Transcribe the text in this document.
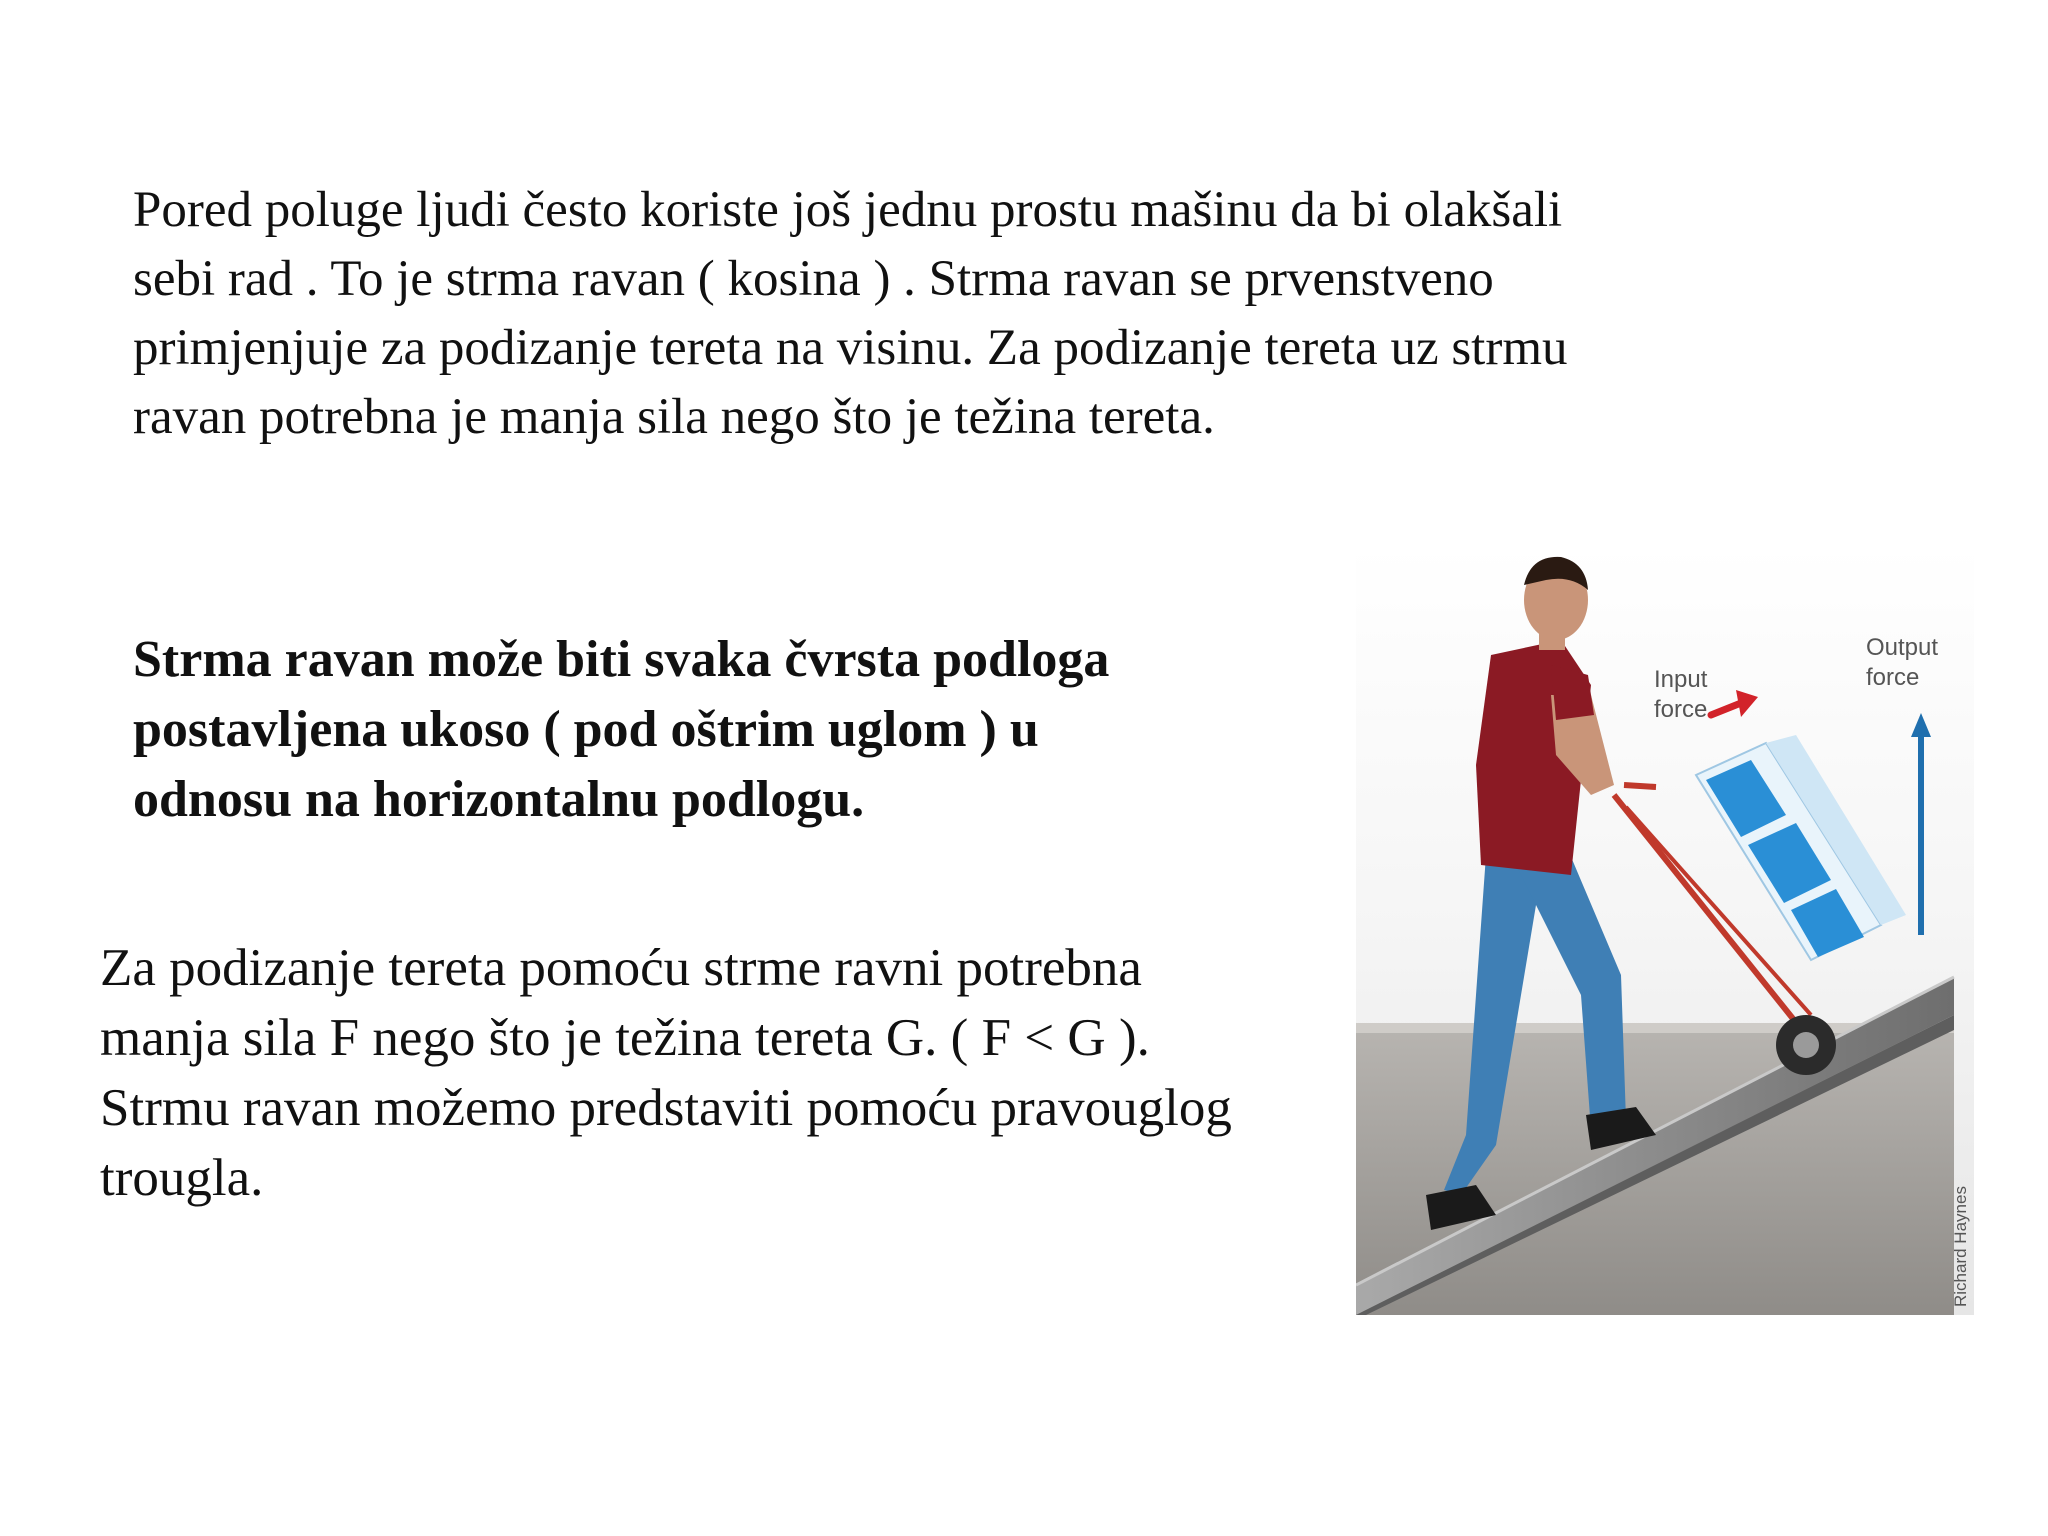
Pored poluge ljudi često koriste još jednu prostu mašinu da bi olakšali
sebi rad . To je strma ravan ( kosina ) . Strma ravan se prvenstveno
primjenjuje za podizanje tereta na visinu. Za podizanje tereta uz strmu
ravan potrebna je manja sila nego što je težina tereta.

Strma ravan može biti svaka čvrsta podloga
postavljena ukoso ( pod oštrim uglom ) u
odnosu na horizontalnu podlogu.

Za podizanje tereta pomoću strme ravni potrebna
manja sila F nego što je težina tereta G. ( F < G ).
Strmu ravan možemo predstaviti pomoću pravouglog
trougla.

Input
force
Output
force
Richard Haynes
